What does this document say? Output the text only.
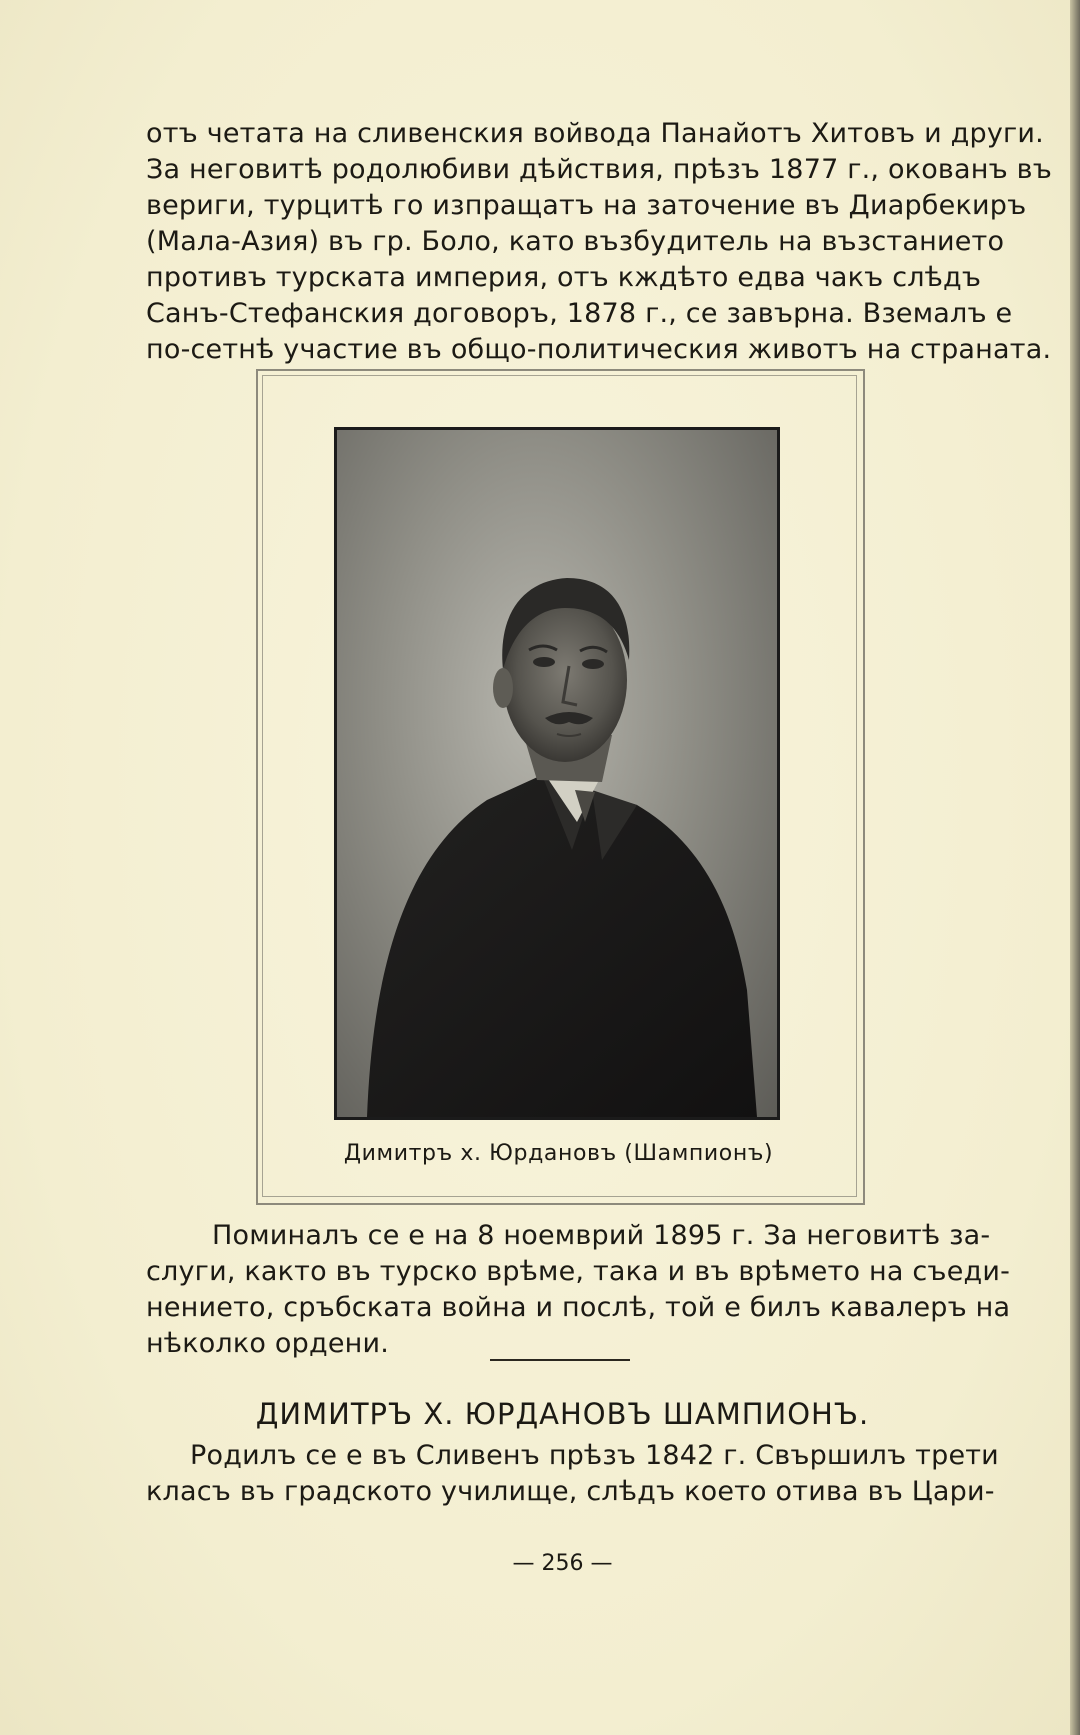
отъ четата на сливенския войвода Панайотъ Хитовъ и други.
За неговитѣ родолюбиви дѣйствия, прѣзъ 1877 г., окованъ въ
вериги, турцитѣ го изпращатъ на заточение въ Диарбекиръ
(Мала-Азия) въ гр. Боло, като възбудитель на възстанието
противъ турската империя, отъ кждѣто едва чакъ слѣдъ
Санъ-Стефанския договоръ, 1878 г., се завърна. Вземалъ е
по-сетнѣ участие въ общо-политическия животъ на страната.
Димитръ х. Юрдановъ (Шампионъ)
Поминалъ се е на 8 ноемврий 1895 г. За неговитѣ за-
слуги, както въ турско врѣме, така и въ врѣмето на съеди-
нението, сръбската война и послѣ, той е билъ кавалеръ на
нѣколко ордени.
ДИМИТРЪ Х. ЮРДАНОВЪ ШАМПИОНЪ.
Родилъ се е въ Сливенъ прѣзъ 1842 г. Свършилъ трети
класъ въ градското училище, слѣдъ което отива въ Цари-
— 256 —
